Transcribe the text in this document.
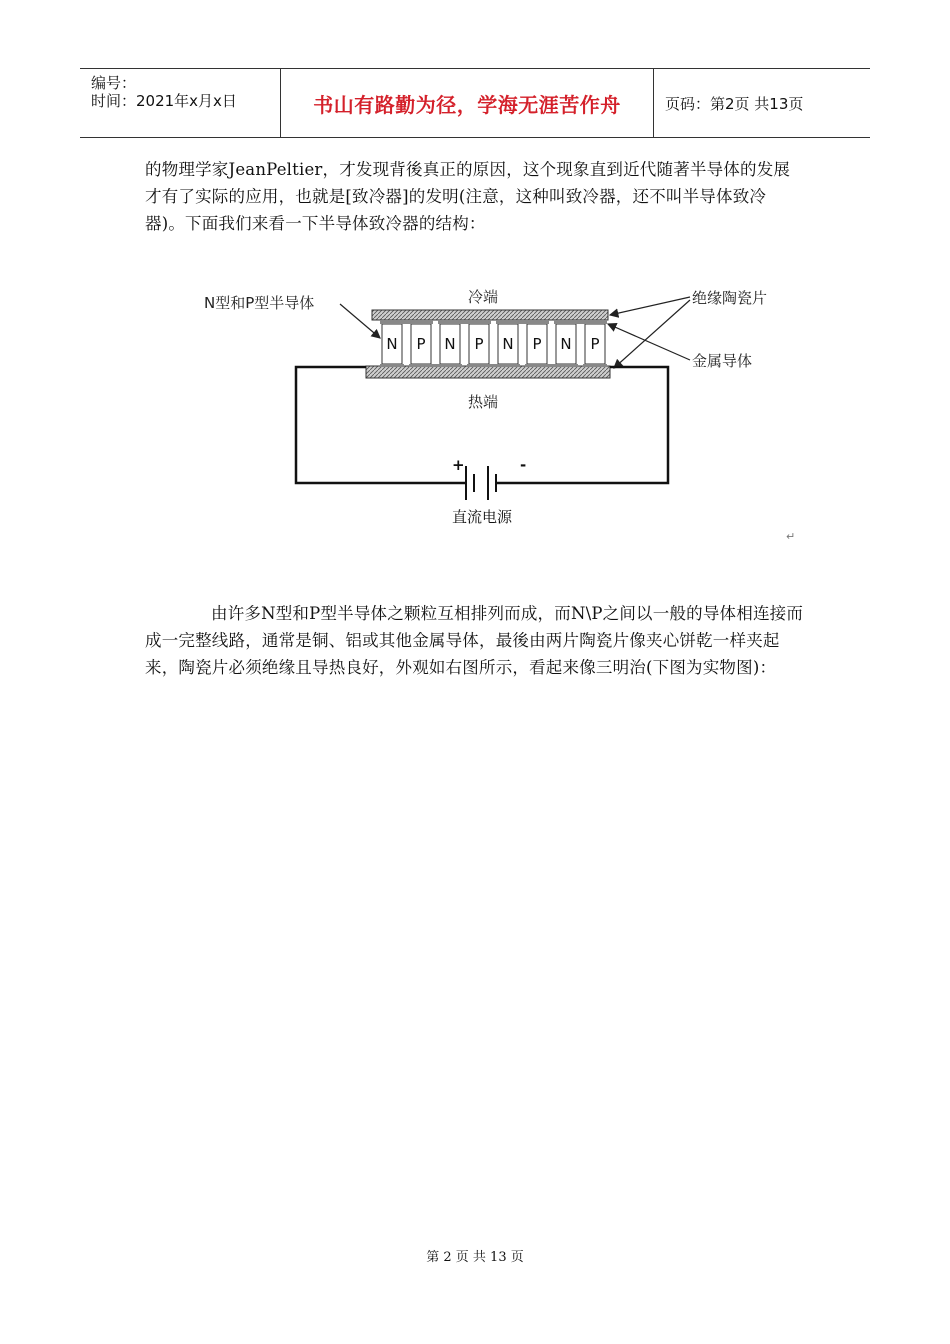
编号：
时间：2021年x月x日	书山有路勤为径，学海无涯苦作舟	页码：第2页 共13页
的物理学家JeanPeltier，才发现背後真正的原因，这个现象直到近代随著半导体的发展才有了实际的应用，也就是[致冷器]的发明(注意，这种叫致冷器，还不叫半导体致冷器)。下面我们来看一下半导体致冷器的结构：
N型和P型半导体	冷端	绝缘陶瓷片
金属导体
热端
N P N P N P N P
+	-
直流电源
↵
由许多N型和P型半导体之颗粒互相排列而成，而N\P之间以一般的导体相连接而成一完整线路，通常是铜、铝或其他金属导体，最後由两片陶瓷片像夹心饼乾一样夹起来，陶瓷片必须绝缘且导热良好，外观如右图所示，看起来像三明治(下图为实物图)：
第 2 页 共 13 页
